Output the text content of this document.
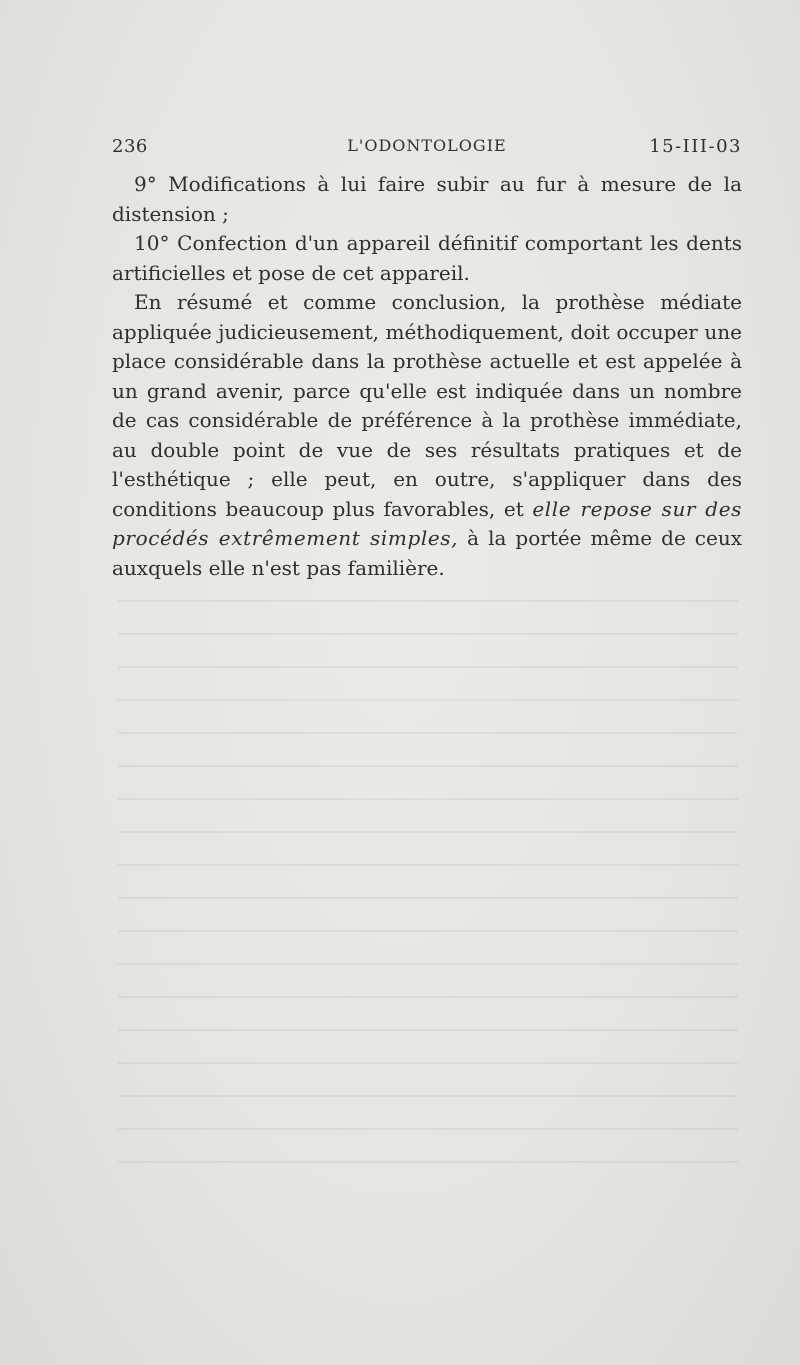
236	L'ODONTOLOGIE	15-III-03

9° Modifications à lui faire subir au fur à mesure de la distension ;

10° Confection d'un appareil définitif comportant les dents artificielles et pose de cet appareil.

En résumé et comme conclusion, la prothèse médiate appliquée judicieusement, méthodiquement, doit occuper une place considérable dans la prothèse actuelle et est appelée à un grand avenir, parce qu'elle est indiquée dans un nombre de cas considérable de préférence à la prothèse immédiate, au double point de vue de ses résultats pratiques et de l'esthétique ; elle peut, en outre, s'appliquer dans des conditions beaucoup plus favorables, et elle repose sur des procédés extrêmement simples, à la portée même de ceux auxquels elle n'est pas familière.
